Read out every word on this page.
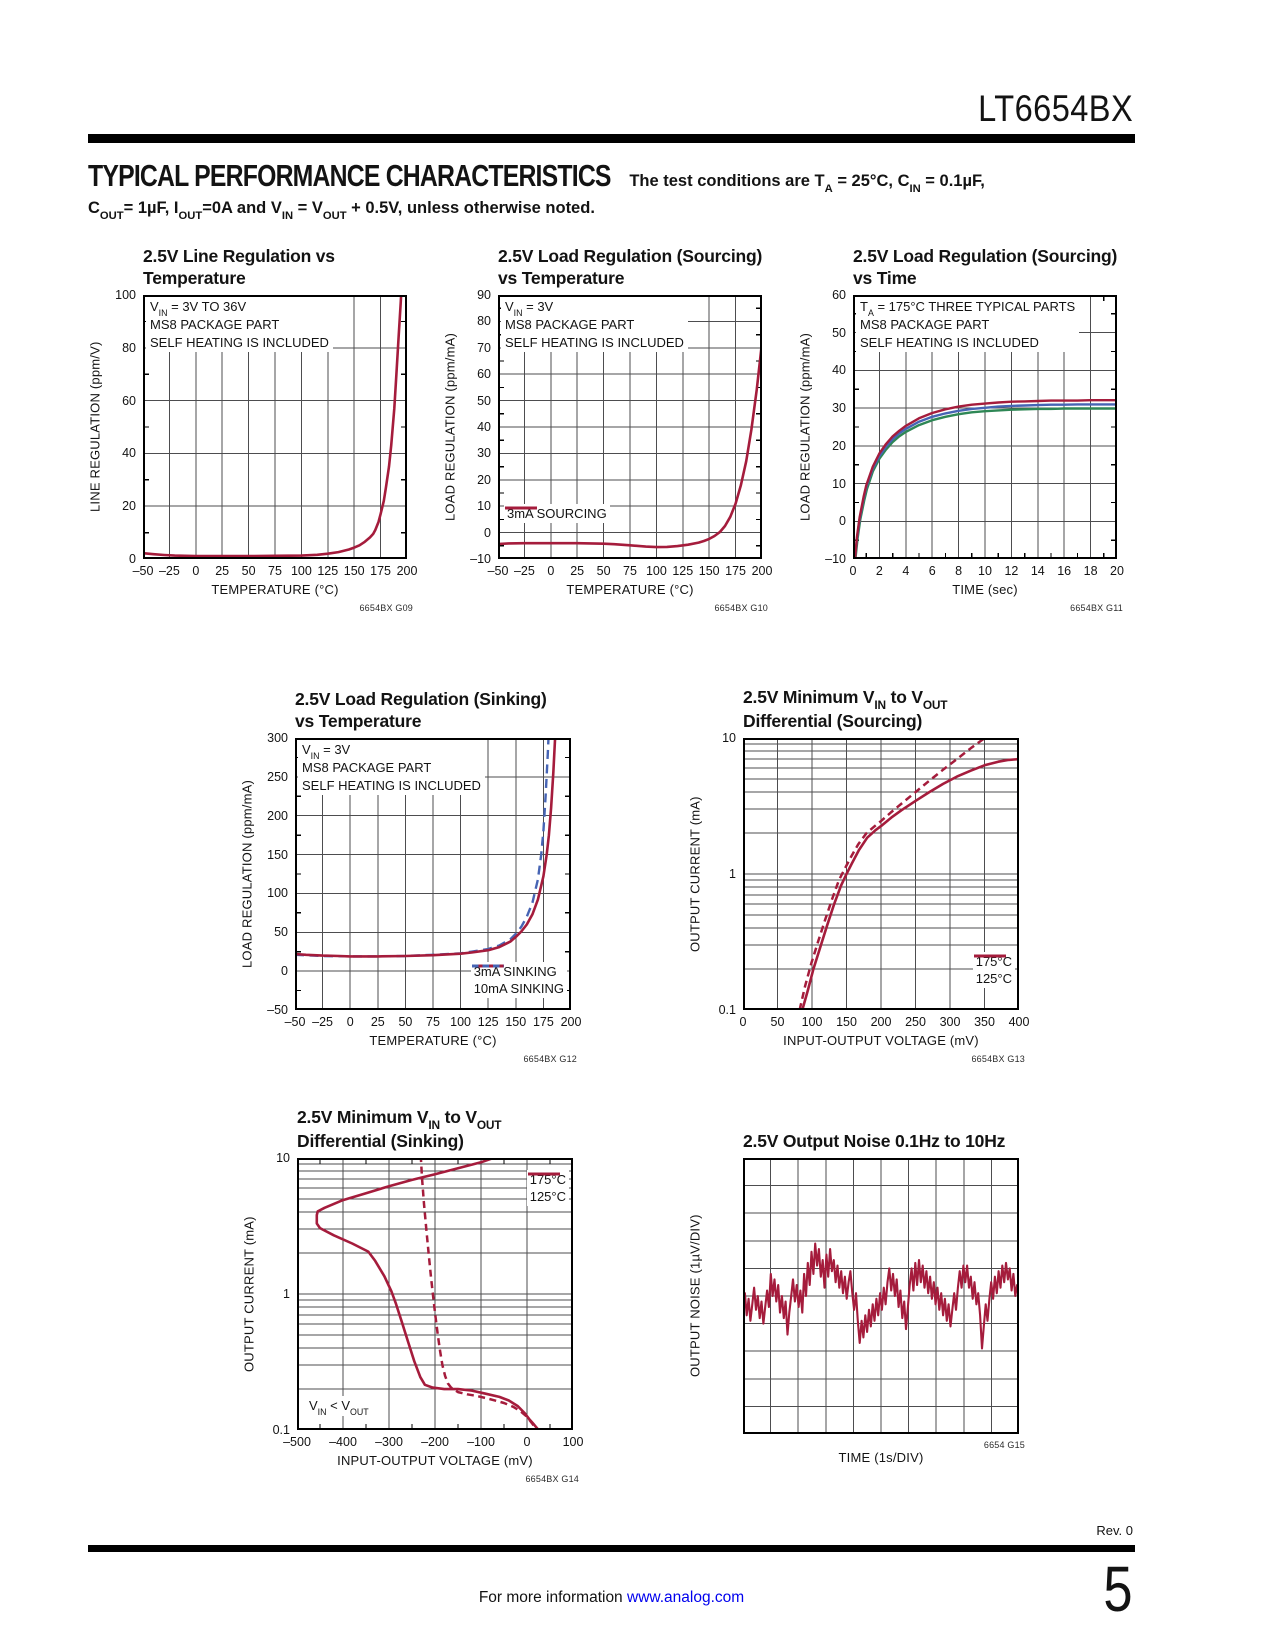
LT6654BX
TYPICAL PERFORMANCE CHARACTERISTICS The test conditions are $T_A = 25^\circ C$, $C_{IN} = 0.1\mu F$,
$C_{OUT}= 1\mu F$, $I_{OUT}=0A$ and $V_{IN} = V_{OUT} + 0.5V$, unless otherwise noted.
2.5V Line Regulation vs
Temperature
$V_{IN} = 3V$ TO 36V
MS8 PACKAGE PART
SELF HEATING IS INCLUDED
–50 –25	0	25	50	75 100 125 150 175 200
0
20
40
60
80
100
TEMPERATURE (°C)
LINE REGULATION (ppm/V)
6654BX G09
2.5V Load Regulation (Sourcing)
vs Temperature
$V_{IN} = 3V$
MS8 PACKAGE PART
SELF HEATING IS INCLUDED
3mA SOURCING
–50 –25	0	25	50	75 100 125 150 175 200
–10
0
10
20
30
40
50
60
70
80
90
TEMPERATURE (°C)
LOAD REGULATION (ppm/mA)
6654BX G10
2.5V Load Regulation (Sourcing)
vs Time
$T_A = 175^\circ C$ THREE TYPICAL PARTS
MS8 PACKAGE PART
SELF HEATING IS INCLUDED
0	2	4	6	8	10 12	14 16	18	20
–10
0
10
20
30
40
50
60
TIME (sec)
LOAD REGULATION (ppm/mA)
6654BX G11
2.5V Load Regulation (Sinking)
vs Temperature
$V_{IN} = 3V$
MS8 PACKAGE PART
SELF HEATING IS INCLUDED
3mA SINKING
10mA SINKING
–50 –25	0	25	50	75 100 125 150 175 200
–50
0
50
100
150
200
250
300
TEMPERATURE (°C)
LOAD REGULATION (ppm/mA)
6654BX G12
2.5V Minimum $V_{IN}$ to $V_{OUT}$
Differential (Sourcing)
175°C
125°C
0	50	100	150	200	250	300	350	400
0.1
1
10
INPUT-OUTPUT VOLTAGE (mV)
OUTPUT CURRENT (mA)
6654BX G13
2.5V Minimum $V_{IN}$ to $V_{OUT}$
Differential (Sinking)
$V_{IN} < V_{OUT}$
175°C
125°C
–500	–400	–300	–200	–100	0	100
0.1
1
10
INPUT-OUTPUT VOLTAGE (mV)
OUTPUT CURRENT (mA)
6654BX G14
2.5V Output Noise 0.1Hz to 10Hz
TIME (1s/DIV)
OUTPUT NOISE (1µV/DIV)
6654 G15
Rev. 0
5
For more information www.analog.com
